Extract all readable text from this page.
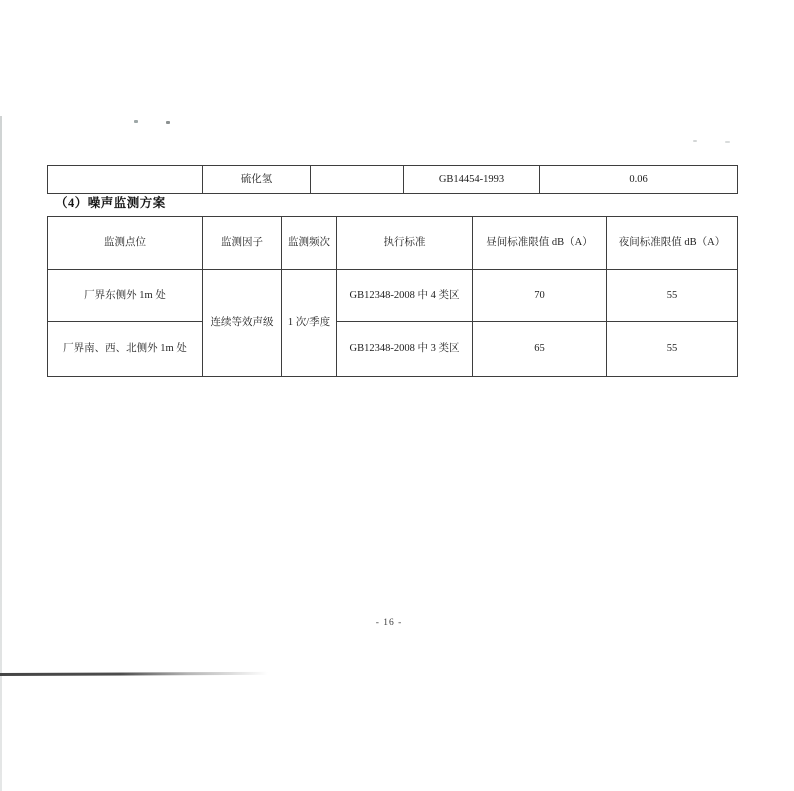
	硫化氢		GB14454-1993	0.06
（4）噪声监测方案
监测点位	监测因子	监测频次	执行标准	昼间标准限值 dB（A）	夜间标准限值 dB（A）
厂界东侧外 1m 处	连续等效声级	1 次/季度	GB12348-2008 中 4 类区	70	55
厂界南、西、北侧外 1m 处			GB12348-2008 中 3 类区	65	55
- 16 -
